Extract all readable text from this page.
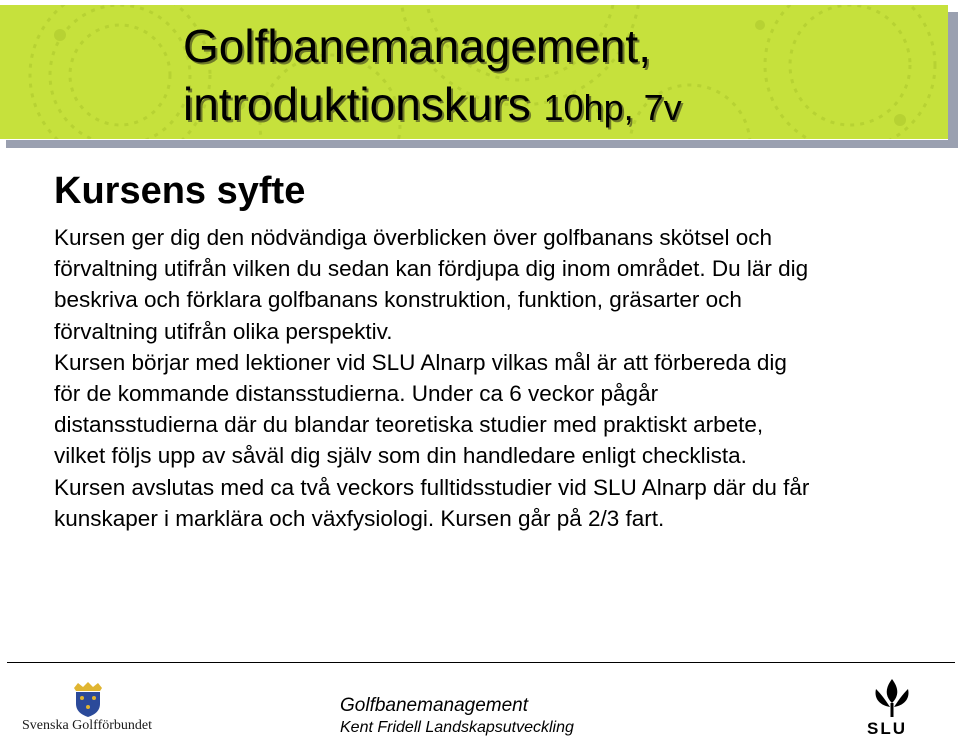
Golfbanemanagement,
introduktionskurs 10hp, 7v
Kursens syfte
Kursen ger dig den nödvändiga överblicken över golfbanans skötsel och
förvaltning utifrån vilken du sedan kan fördjupa dig inom området. Du lär dig
beskriva och förklara golfbanans konstruktion, funktion, gräsarter och
förvaltning utifrån olika perspektiv.
Kursen börjar med lektioner vid SLU Alnarp vilkas mål är att förbereda dig
för de kommande distansstudierna. Under ca 6 veckor pågår
distansstudierna där du blandar teoretiska studier med praktiskt arbete,
vilket följs upp av såväl dig själv som din handledare enligt checklista.
Kursen avslutas med ca två veckors fulltidsstudier vid SLU Alnarp där du får
kunskaper i marklära och växfysiologi. Kursen går på 2/3 fart.
Svenska Golfförbundet
Golfbanemanagement
Kent Fridell Landskapsutveckling	SLU
